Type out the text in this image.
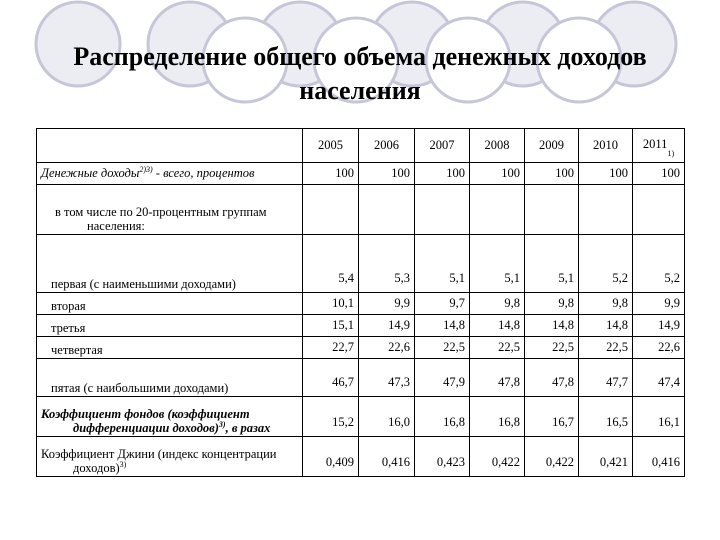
Распределение общего объема денежных доходов
населения
	2005	2006	2007	2008	2009	2010	$2011_{1)}$

Денежные доходы$^{2)3)}$ - всего, процентов	100	100	100	100	100	100	100

в том числе по 20-процентным группам населения:							

первая (с наименьшими доходами)	5,4	5,3	5,1	5,1	5,1	5,2	5,2

вторая	10,1	9,9	9,7	9,8	9,8	9,8	9,9

третья	15,1	14,9	14,8	14,8	14,8	14,8	14,9

четвертая	22,7	22,6	22,5	22,5	22,5	22,5	22,6

пятая (с наибольшими доходами)	46,7	47,3	47,9	47,8	47,8	47,7	47,4

Коэффициент фондов (коэффициент дифференциации доходов)$^{3)}$, в разах	15,2	16,0	16,8	16,8	16,7	16,5	16,1

Коэффициент Джини (индекс концентрации доходов)$^{3)}$	0,409	0,416	0,423	0,422	0,422	0,421	0,416
